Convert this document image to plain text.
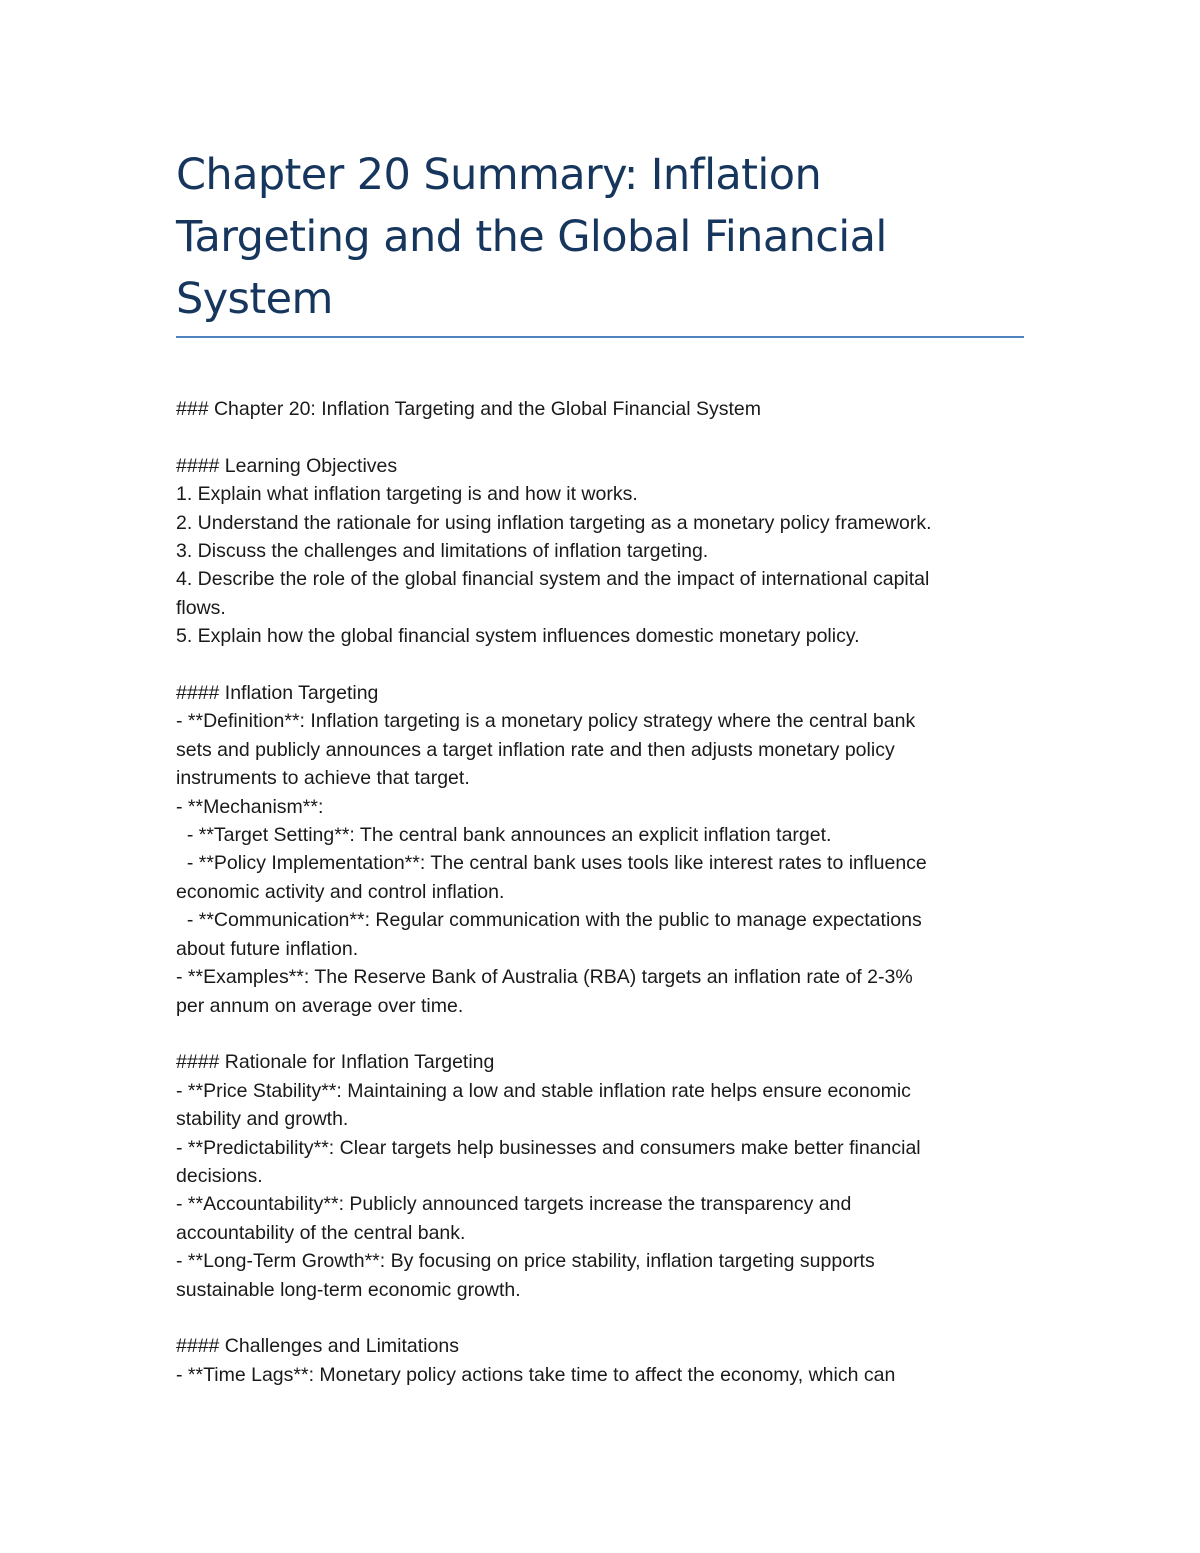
Chapter 20 Summary: Inflation
Targeting and the Global Financial
System
### Chapter 20: Inflation Targeting and the Global Financial System
#### Learning Objectives
1. Explain what inflation targeting is and how it works.
2. Understand the rationale for using inflation targeting as a monetary policy framework.
3. Discuss the challenges and limitations of inflation targeting.
4. Describe the role of the global financial system and the impact of international capital
flows.
5. Explain how the global financial system influences domestic monetary policy.
#### Inflation Targeting
- **Definition**: Inflation targeting is a monetary policy strategy where the central bank
sets and publicly announces a target inflation rate and then adjusts monetary policy
instruments to achieve that target.
- **Mechanism**:
- **Target Setting**: The central bank announces an explicit inflation target.
- **Policy Implementation**: The central bank uses tools like interest rates to influence
economic activity and control inflation.
- **Communication**: Regular communication with the public to manage expectations
about future inflation.
- **Examples**: The Reserve Bank of Australia (RBA) targets an inflation rate of 2-3%
per annum on average over time.
#### Rationale for Inflation Targeting
- **Price Stability**: Maintaining a low and stable inflation rate helps ensure economic
stability and growth.
- **Predictability**: Clear targets help businesses and consumers make better financial
decisions.
- **Accountability**: Publicly announced targets increase the transparency and
accountability of the central bank.
- **Long-Term Growth**: By focusing on price stability, inflation targeting supports
sustainable long-term economic growth.
#### Challenges and Limitations
- **Time Lags**: Monetary policy actions take time to affect the economy, which can
